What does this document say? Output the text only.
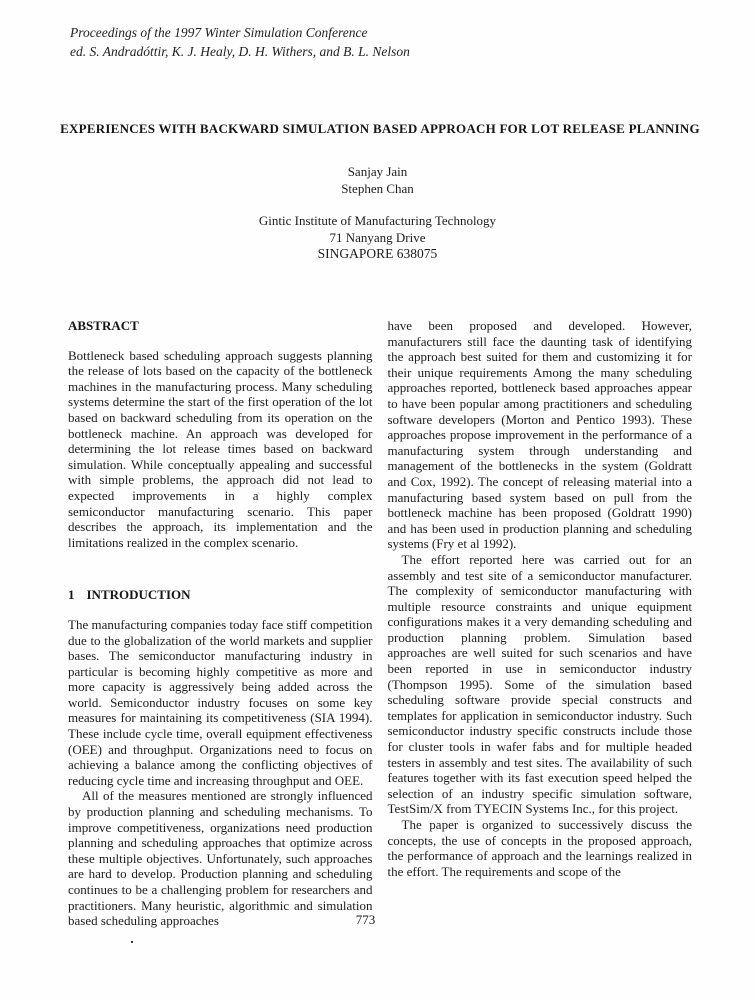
Proceedings of the 1997 Winter Simulation Conference
ed. S. Andradóttir, K. J. Healy, D. H. Withers, and B. L. Nelson
EXPERIENCES WITH BACKWARD SIMULATION BASED APPROACH FOR LOT RELEASE PLANNING
Sanjay Jain
Stephen Chan
Gintic Institute of Manufacturing Technology
71 Nanyang Drive
SINGAPORE 638075
ABSTRACT

Bottleneck based scheduling approach suggests planning the release of lots based on the capacity of the bottleneck machines in the manufacturing process. Many scheduling systems determine the start of the first operation of the lot based on backward scheduling from its operation on the bottleneck machine. An approach was developed for determining the lot release times based on backward simulation. While conceptually appealing and successful with simple problems, the approach did not lead to expected improvements in a highly complex semiconductor manufacturing scenario. This paper describes the approach, its implementation and the limitations realized in the complex scenario.

1 INTRODUCTION

The manufacturing companies today face stiff competition due to the globalization of the world markets and supplier bases. The semiconductor manufacturing industry in particular is becoming highly competitive as more and more capacity is aggressively being added across the world. Semiconductor industry focuses on some key measures for maintaining its competitiveness (SIA 1994). These include cycle time, overall equipment effectiveness (OEE) and throughput. Organizations need to focus on achieving a balance among the conflicting objectives of reducing cycle time and increasing throughput and OEE.

All of the measures mentioned are strongly influenced by production planning and scheduling mechanisms. To improve competitiveness, organizations need production planning and scheduling approaches that optimize across these multiple objectives. Unfortunately, such approaches are hard to develop. Production planning and scheduling continues to be a challenging problem for researchers and practitioners. Many heuristic, algorithmic and simulation based scheduling approaches

have been proposed and developed. However, manufacturers still face the daunting task of identifying the approach best suited for them and customizing it for their unique requirements Among the many scheduling approaches reported, bottleneck based approaches appear to have been popular among practitioners and scheduling software developers (Morton and Pentico 1993). These approaches propose improvement in the performance of a manufacturing system through understanding and management of the bottlenecks in the system (Goldratt and Cox, 1992). The concept of releasing material into a manufacturing based system based on pull from the bottleneck machine has been proposed (Goldratt 1990) and has been used in production planning and scheduling systems (Fry et al 1992).

The effort reported here was carried out for an assembly and test site of a semiconductor manufacturer. The complexity of semiconductor manufacturing with multiple resource constraints and unique equipment configurations makes it a very demanding scheduling and production planning problem. Simulation based approaches are well suited for such scenarios and have been reported in use in semiconductor industry (Thompson 1995). Some of the simulation based scheduling software provide special constructs and templates for application in semiconductor industry. Such semiconductor industry specific constructs include those for cluster tools in wafer fabs and for multiple headed testers in assembly and test sites. The availability of such features together with its fast execution speed helped the selection of an industry specific simulation software, TestSim/X from TYECIN Systems Inc., for this project.

The paper is organized to successively discuss the concepts, the use of concepts in the proposed approach, the performance of approach and the learnings realized in the effort. The requirements and scope of the

773
